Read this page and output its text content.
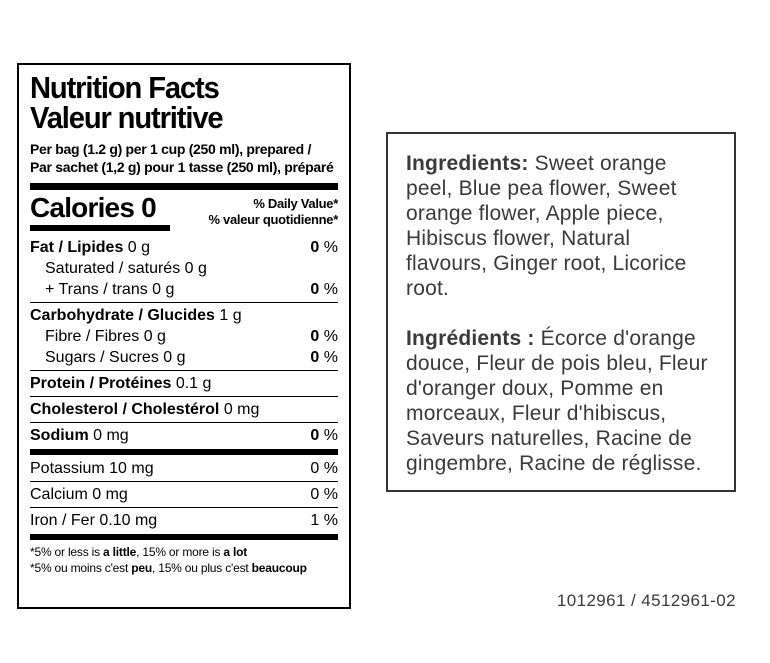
Nutrition Facts
Valeur nutritive
Per bag (1.2 g) per 1 cup (250 ml), prepared /
Par sachet (1,2 g) pour 1 tasse (250 ml), préparé
Calories 0	% Daily Value*
% valeur quotidienne*
Fat / Lipides 0 g	0 %
Saturated / saturés 0 g
+ Trans / trans 0 g	0 %
Carbohydrate / Glucides 1 g
Fibre / Fibres 0 g	0 %
Sugars / Sucres 0 g	0 %
Protein / Protéines 0.1 g
Cholesterol / Cholestérol 0 mg
Sodium 0 mg	0 %
Potassium 10 mg	0 %
Calcium 0 mg	0 %
Iron / Fer 0.10 mg	1 %
*5% or less is a little, 15% or more is a lot
*5% ou moins c'est peu, 15% ou plus c'est beaucoup

Ingredients: Sweet orange peel, Blue pea flower, Sweet orange flower, Apple piece, Hibiscus flower, Natural flavours, Ginger root, Licorice root.

Ingrédients : Écorce d'orange douce, Fleur de pois bleu, Fleur d'oranger doux, Pomme en morceaux, Fleur d'hibiscus, Saveurs naturelles, Racine de gingembre, Racine de réglisse.

1012961 / 4512961-02
